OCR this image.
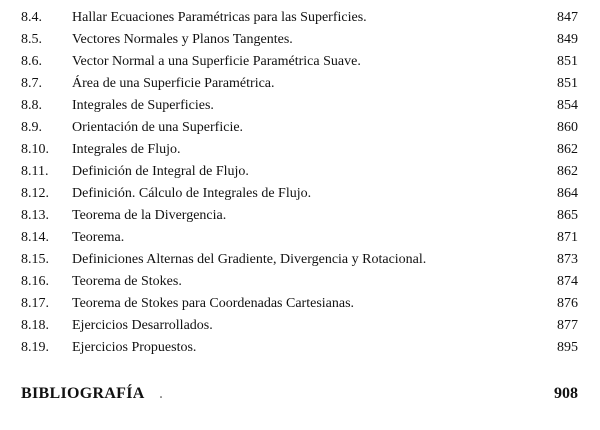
8.4. Hallar Ecuaciones Paramétricas para las Superficies.	847
8.5. Vectores Normales y Planos Tangentes.	849
8.6. Vector Normal a una Superficie Paramétrica Suave.	851
8.7. Área de una Superficie Paramétrica.	851
8.8. Integrales de Superficies.	854
8.9. Orientación de una Superficie.	860
8.10. Integrales de Flujo.	862
8.11. Definición de Integral de Flujo.	862
8.12. Definición. Cálculo de Integrales de Flujo.	864
8.13. Teorema de la Divergencia.	865
8.14. Teorema.	871
8.15. Definiciones Alternas del Gradiente, Divergencia y Rotacional.	873
8.16. Teorema de Stokes.	874
8.17. Teorema de Stokes para Coordenadas Cartesianas.	876
8.18. Ejercicios Desarrollados.	877
8.19. Ejercicios Propuestos.	895
BIBLIOGRAFÍA .	908
